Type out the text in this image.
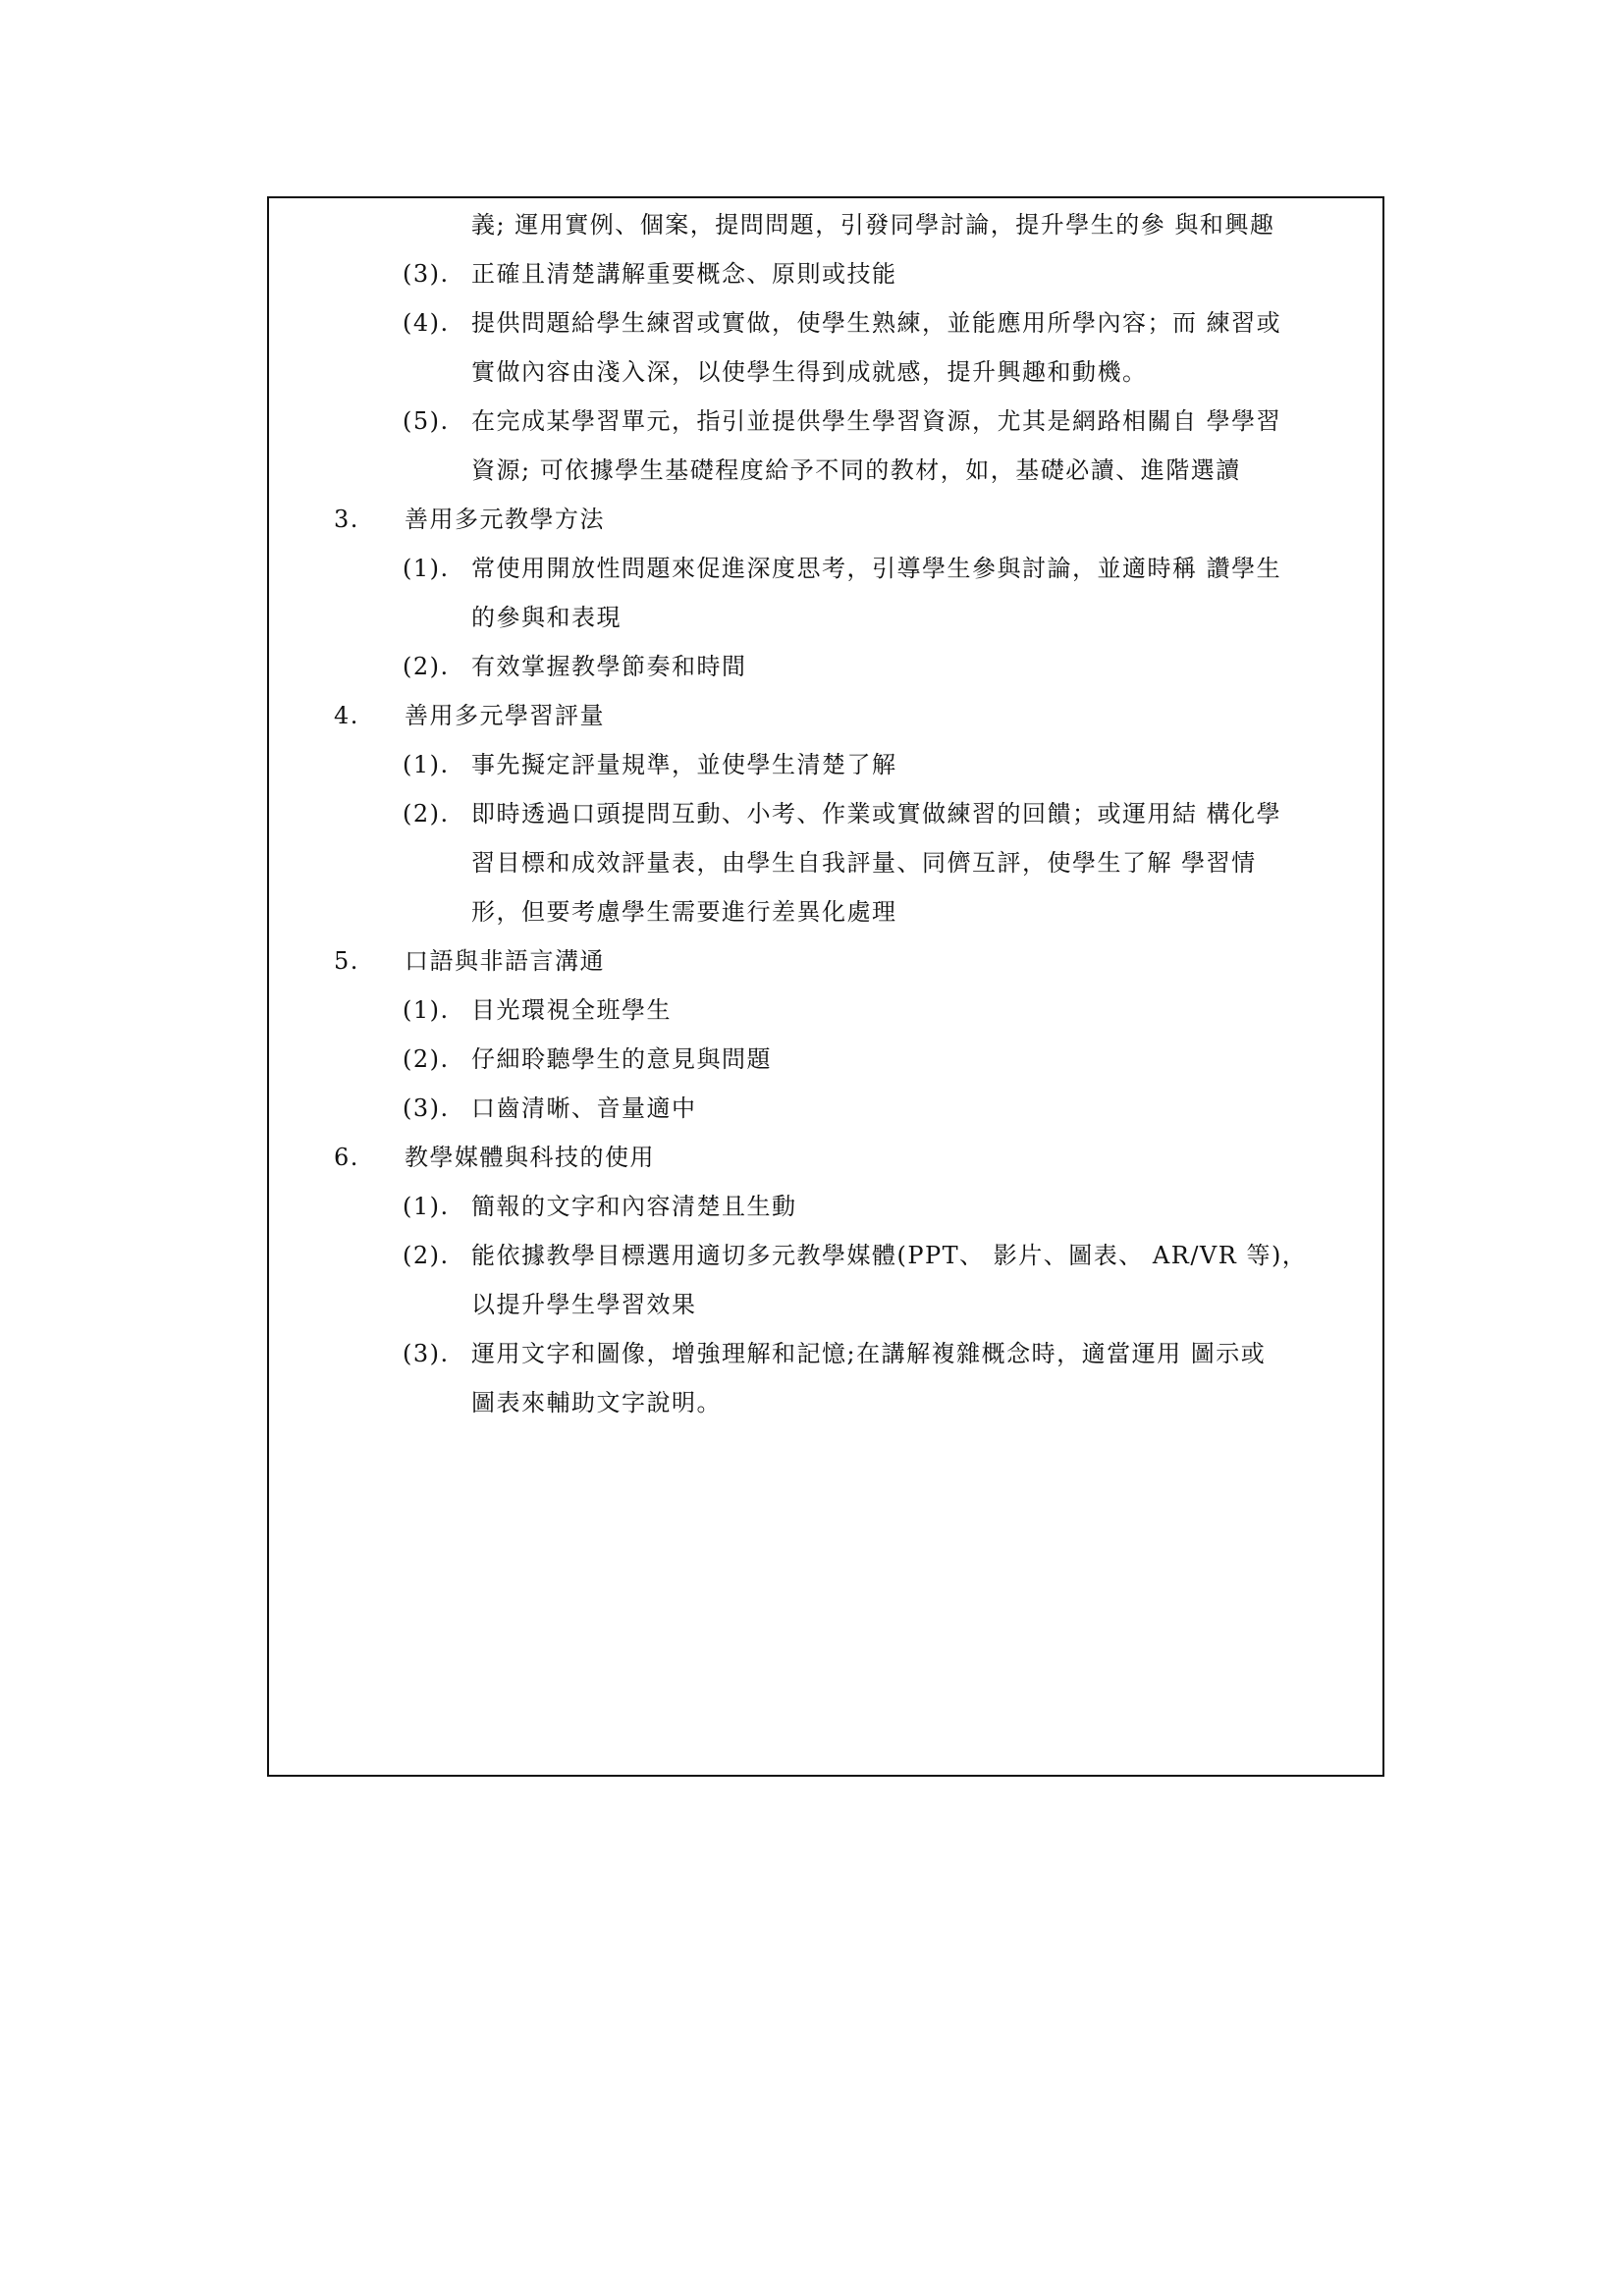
義; 運用實例、個案，提問問題，引發同學討論，提升學生的參 與和興趣
(3). 正確且清楚講解重要概念、原則或技能
(4). 提供問題給學生練習或實做，使學生熟練，並能應用所學內容；而 練習或
實做內容由淺入深，以使學生得到成就感，提升興趣和動機。
(5). 在完成某學習單元，指引並提供學生學習資源，尤其是網路相關自 學學習
資源; 可依據學生基礎程度給予不同的教材，如，基礎必讀、進階選讀
3. 善用多元教學方法
(1). 常使用開放性問題來促進深度思考，引導學生參與討論，並適時稱 讚學生
的參與和表現
(2). 有效掌握教學節奏和時間
4. 善用多元學習評量
(1). 事先擬定評量規準，並使學生清楚了解
(2). 即時透過口頭提問互動、小考、作業或實做練習的回饋；或運用結 構化學
習目標和成效評量表，由學生自我評量、同儕互評，使學生了解 學習情
形，但要考慮學生需要進行差異化處理
5. 口語與非語言溝通
(1). 目光環視全班學生
(2). 仔細聆聽學生的意見與問題
(3). 口齒清晰、音量適中
6. 教學媒體與科技的使用
(1). 簡報的文字和內容清楚且生動
(2). 能依據教學目標選用適切多元教學媒體(PPT、 影片、圖表、 AR/VR 等)，
以提升學生學習效果
(3). 運用文字和圖像，增強理解和記憶;在講解複雜概念時，適當運用 圖示或
圖表來輔助文字說明。
